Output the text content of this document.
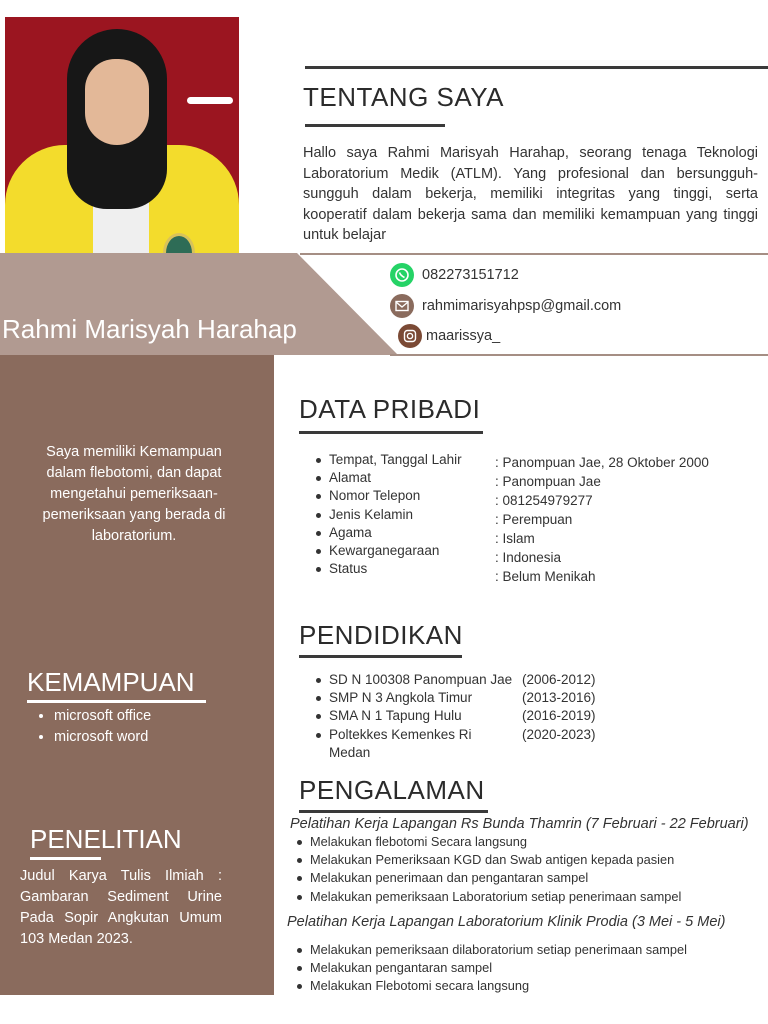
Rahmi Marisyah Harahap
Saya memiliki Kemampuan dalam flebotomi, dan dapat mengetahui pemeriksaan-pemeriksaan yang berada di laboratorium.
KEMAMPUAN
• microsoft office
• microsoft word
PENELITIAN
Judul Karya Tulis Ilmiah : Gambaran Sediment Urine Pada Sopir Angkutan Umum 103 Medan 2023.
TENTANG SAYA
Hallo saya Rahmi Marisyah Harahap, seorang tenaga Teknologi Laboratorium Medik (ATLM). Yang profesional dan bersungguh-sungguh dalam bekerja, memiliki integritas yang tinggi, serta kooperatif dalam bekerja sama dan memiliki kemampuan yang tinggi untuk belajar
082273151712
rahmimarisyahpsp@gmail.com
maarissya_
DATA PRIBADI
Tempat, Tanggal Lahir
Alamat
Nomor Telepon
Jenis Kelamin
Agama
Kewarganegaraan
Status
: Panompuan Jae, 28 Oktober 2000
: Panompuan Jae
: 081254979277
: Perempuan
: Islam
: Indonesia
: Belum Menikah
PENDIDIKAN
SD N 100308 Panompuan Jae (2006-2012)
SMP N 3 Angkola Timur	(2013-2016)
SMA N 1 Tapung Hulu	(2016-2019)
Poltekkes Kemenkes Ri Medan
(2020-2023)
PENGALAMAN
Pelatihan Kerja Lapangan Rs Bunda Thamrin (7 Februari - 22 Februari)
Melakukan flebotomi Secara langsung
Melakukan Pemeriksaan KGD dan Swab antigen kepada pasien
Melakukan penerimaan dan pengantaran sampel
Melakukan pemeriksaan Laboratorium setiap penerimaan sampel
Pelatihan Kerja Lapangan Laboratorium Klinik Prodia (3 Mei - 5 Mei)
Melakukan pemeriksaan dilaboratorium setiap penerimaan sampel
Melakukan pengantaran sampel
Melakukan Flebotomi secara langsung
